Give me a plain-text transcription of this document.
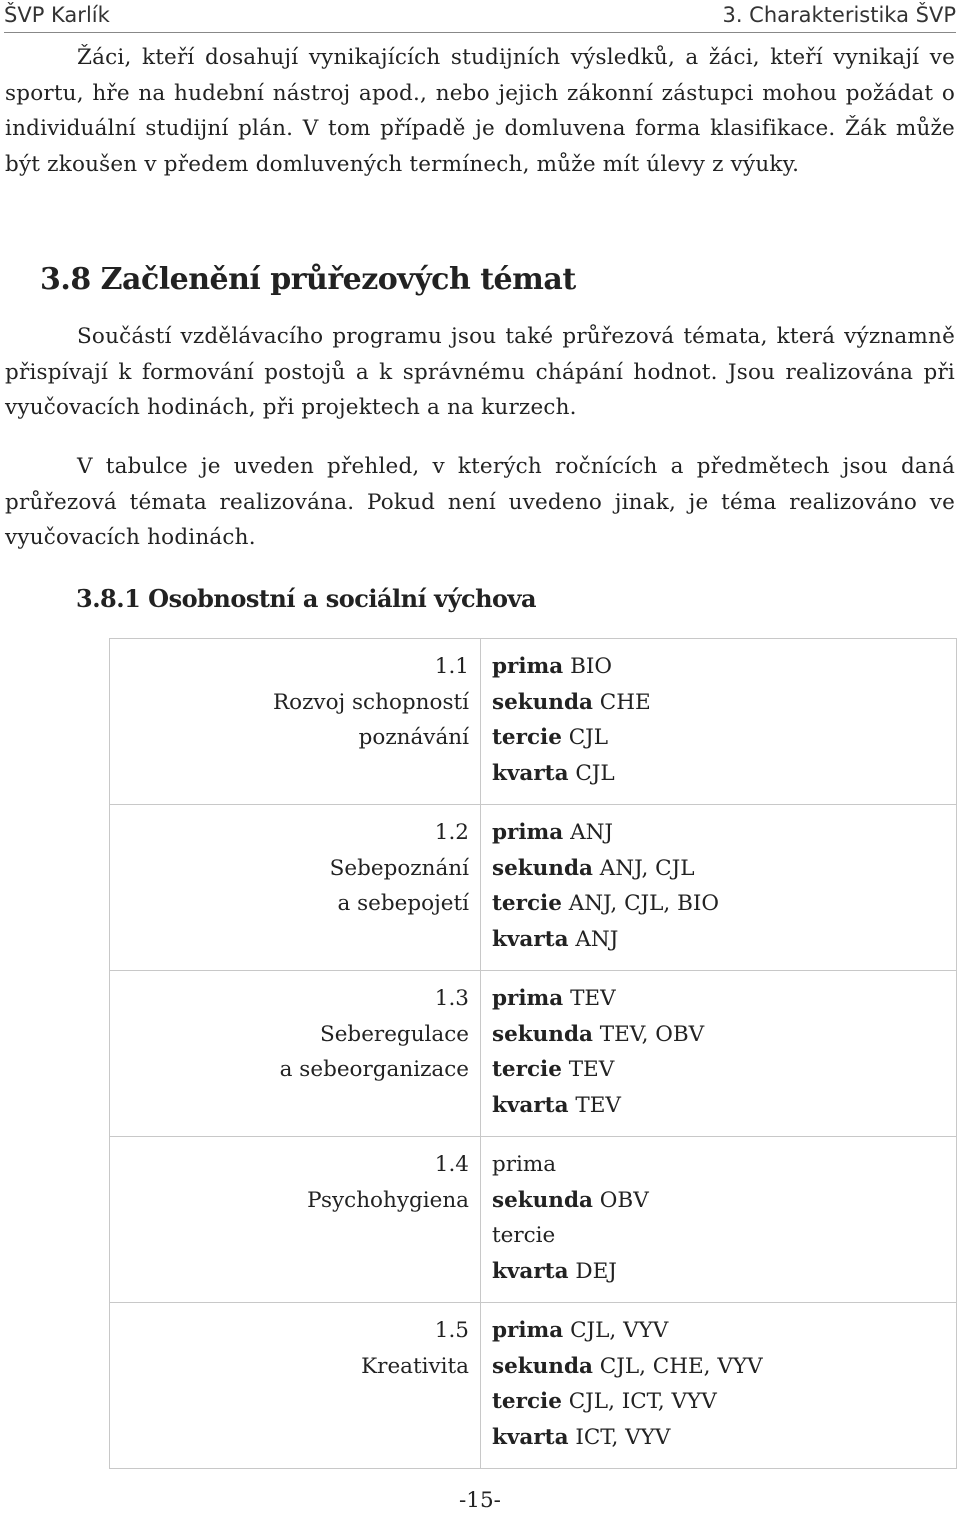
ŠVP Karlík	3. Charakteristika ŠVP

Žáci, kteří dosahují vynikajících studijních výsledků, a žáci, kteří vynikají ve sportu, hře na hudební nástroj apod., nebo jejich zákonní zástupci mohou požádat o individuální studijní plán. V tom případě je domluvena forma klasifikace. Žák může být zkoušen v předem domluvených termínech, může mít úlevy z výuky.

3.8 Začlenění průřezových témat

Součástí vzdělávacího programu jsou také průřezová témata, která významně přispívají k formování postojů a k správnému chápání hodnot. Jsou realizována při vyučovacích hodinách, při projektech a na kurzech.

V tabulce je uveden přehled, v kterých ročnících a předmětech jsou daná průřezová témata realizována. Pokud není uvedeno jinak, je téma realizováno ve vyučovacích hodinách.

3.8.1 Osobnostní a sociální výchova
1.1
Rozvoj schopností
poznávání	prima BIO
sekunda CHE
tercie CJL
kvarta CJL

1.2
Sebepoznání
a sebepojetí	prima ANJ
sekunda ANJ, CJL
tercie ANJ, CJL, BIO
kvarta ANJ

1.3
Seberegulace
a sebeorganizace	prima TEV
sekunda TEV, OBV
tercie TEV
kvarta TEV

1.4
Psychohygiena	prima
sekunda OBV
tercie
kvarta DEJ

1.5
Kreativita	prima CJL, VYV
sekunda CJL, CHE, VYV
tercie CJL, ICT, VYV
kvarta ICT, VYV
-15-
